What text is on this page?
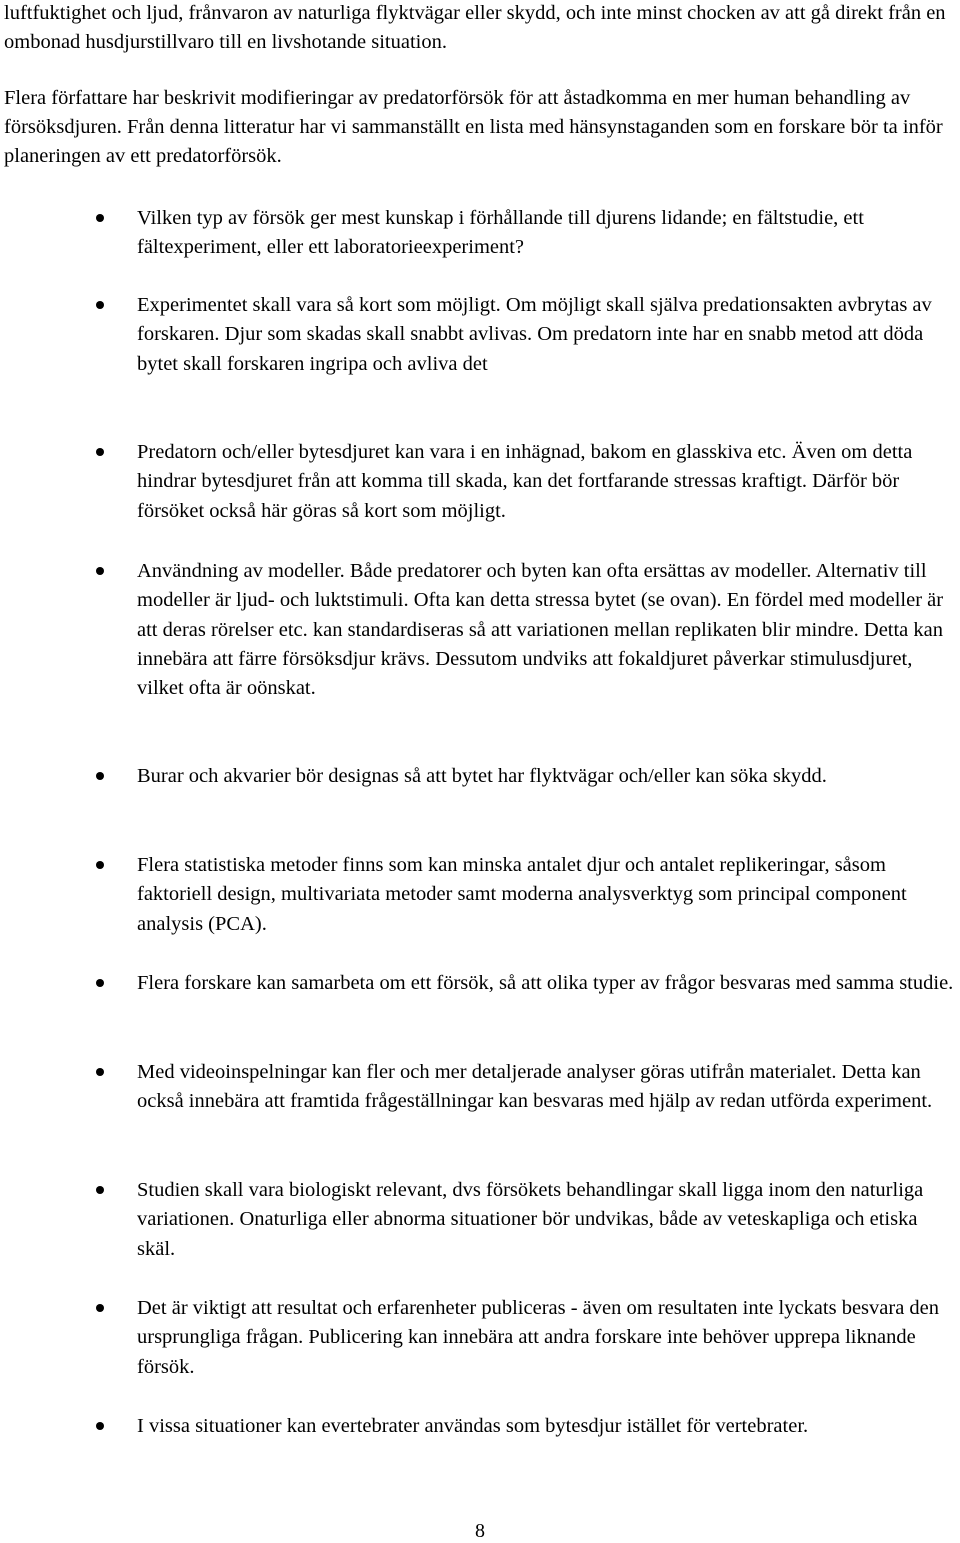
luftfuktighet och ljud, frånvaron av naturliga flyktvägar eller skydd, och inte minst chocken av att gå direkt från en ombonad husdjurstillvaro till en livshotande situation.

Flera författare har beskrivit modifieringar av predatorförsök för att åstadkomma en mer human behandling av försöksdjuren. Från denna litteratur har vi sammanställt en lista med hänsynstaganden som en forskare bör ta inför planeringen av ett predatorförsök.

Vilken typ av försök ger mest kunskap i förhållande till djurens lidande; en fältstudie, ett fältexperiment, eller ett laboratorieexperiment?

Experimentet skall vara så kort som möjligt. Om möjligt skall själva predationsakten avbrytas av forskaren. Djur som skadas skall snabbt avlivas. Om predatorn inte har en snabb metod att döda bytet skall forskaren ingripa och avliva det

Predatorn och/eller bytesdjuret kan vara i en inhägnad, bakom en glasskiva etc. Även om detta hindrar bytesdjuret från att komma till skada, kan det fortfarande stressas kraftigt. Därför bör försöket också här göras så kort som möjligt.

Användning av modeller. Både predatorer och byten kan ofta ersättas av modeller. Alternativ till modeller är ljud- och luktstimuli. Ofta kan detta stressa bytet (se ovan). En fördel med modeller är att deras rörelser etc. kan standardiseras så att variationen mellan replikaten blir mindre. Detta kan innebära att färre försöksdjur krävs. Dessutom undviks att fokaldjuret påverkar stimulusdjuret, vilket ofta är oönskat.

Burar och akvarier bör designas så att bytet har flyktvägar och/eller kan söka skydd.

Flera statistiska metoder finns som kan minska antalet djur och antalet replikeringar, såsom faktoriell design, multivariata metoder samt moderna analysverktyg som principal component analysis (PCA).

Flera forskare kan samarbeta om ett försök, så att olika typer av frågor besvaras med samma studie.

Med videoinspelningar kan fler och mer detaljerade analyser göras utifrån materialet. Detta kan också innebära att framtida frågeställningar kan besvaras med hjälp av redan utförda experiment.

Studien skall vara biologiskt relevant, dvs försökets behandlingar skall ligga inom den naturliga variationen. Onaturliga eller abnorma situationer bör undvikas, både av veteskapliga och etiska skäl.

Det är viktigt att resultat och erfarenheter publiceras - även om resultaten inte lyckats besvara den ursprungliga frågan. Publicering kan innebära att andra forskare inte behöver upprepa liknande försök.

I vissa situationer kan evertebrater användas som bytesdjur istället för vertebrater.

8
